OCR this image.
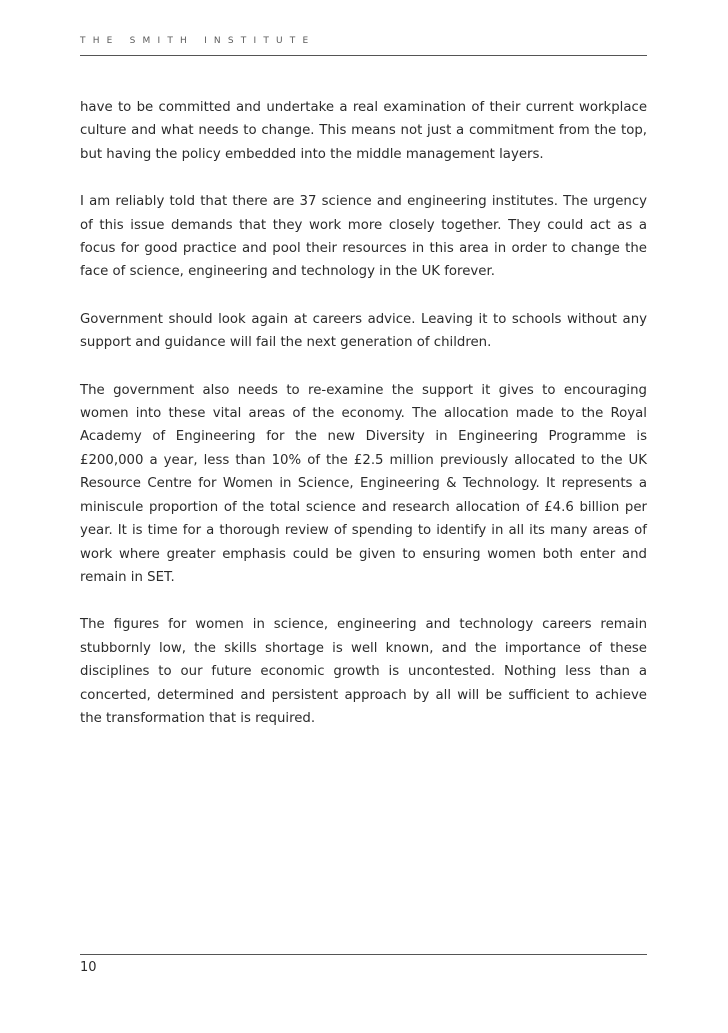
THE SMITH INSTITUTE

have to be committed and undertake a real examination of their current workplace culture and what needs to change. This means not just a commitment from the top, but having the policy embedded into the middle management layers.

I am reliably told that there are 37 science and engineering institutes. The urgency of this issue demands that they work more closely together. They could act as a focus for good practice and pool their resources in this area in order to change the face of science, engineering and technology in the UK forever.

Government should look again at careers advice. Leaving it to schools without any support and guidance will fail the next generation of children.

The government also needs to re-examine the support it gives to encouraging women into these vital areas of the economy. The allocation made to the Royal Academy of Engineering for the new Diversity in Engineering Programme is £200,000 a year, less than 10% of the £2.5 million previously allocated to the UK Resource Centre for Women in Science, Engineering & Technology. It represents a miniscule proportion of the total science and research allocation of £4.6 billion per year. It is time for a thorough review of spending to identify in all its many areas of work where greater emphasis could be given to ensuring women both enter and remain in SET.

The figures for women in science, engineering and technology careers remain stubbornly low, the skills shortage is well known, and the importance of these disciplines to our future economic growth is uncontested. Nothing less than a concerted, determined and persistent approach by all will be sufficient to achieve the transformation that is required.

10
